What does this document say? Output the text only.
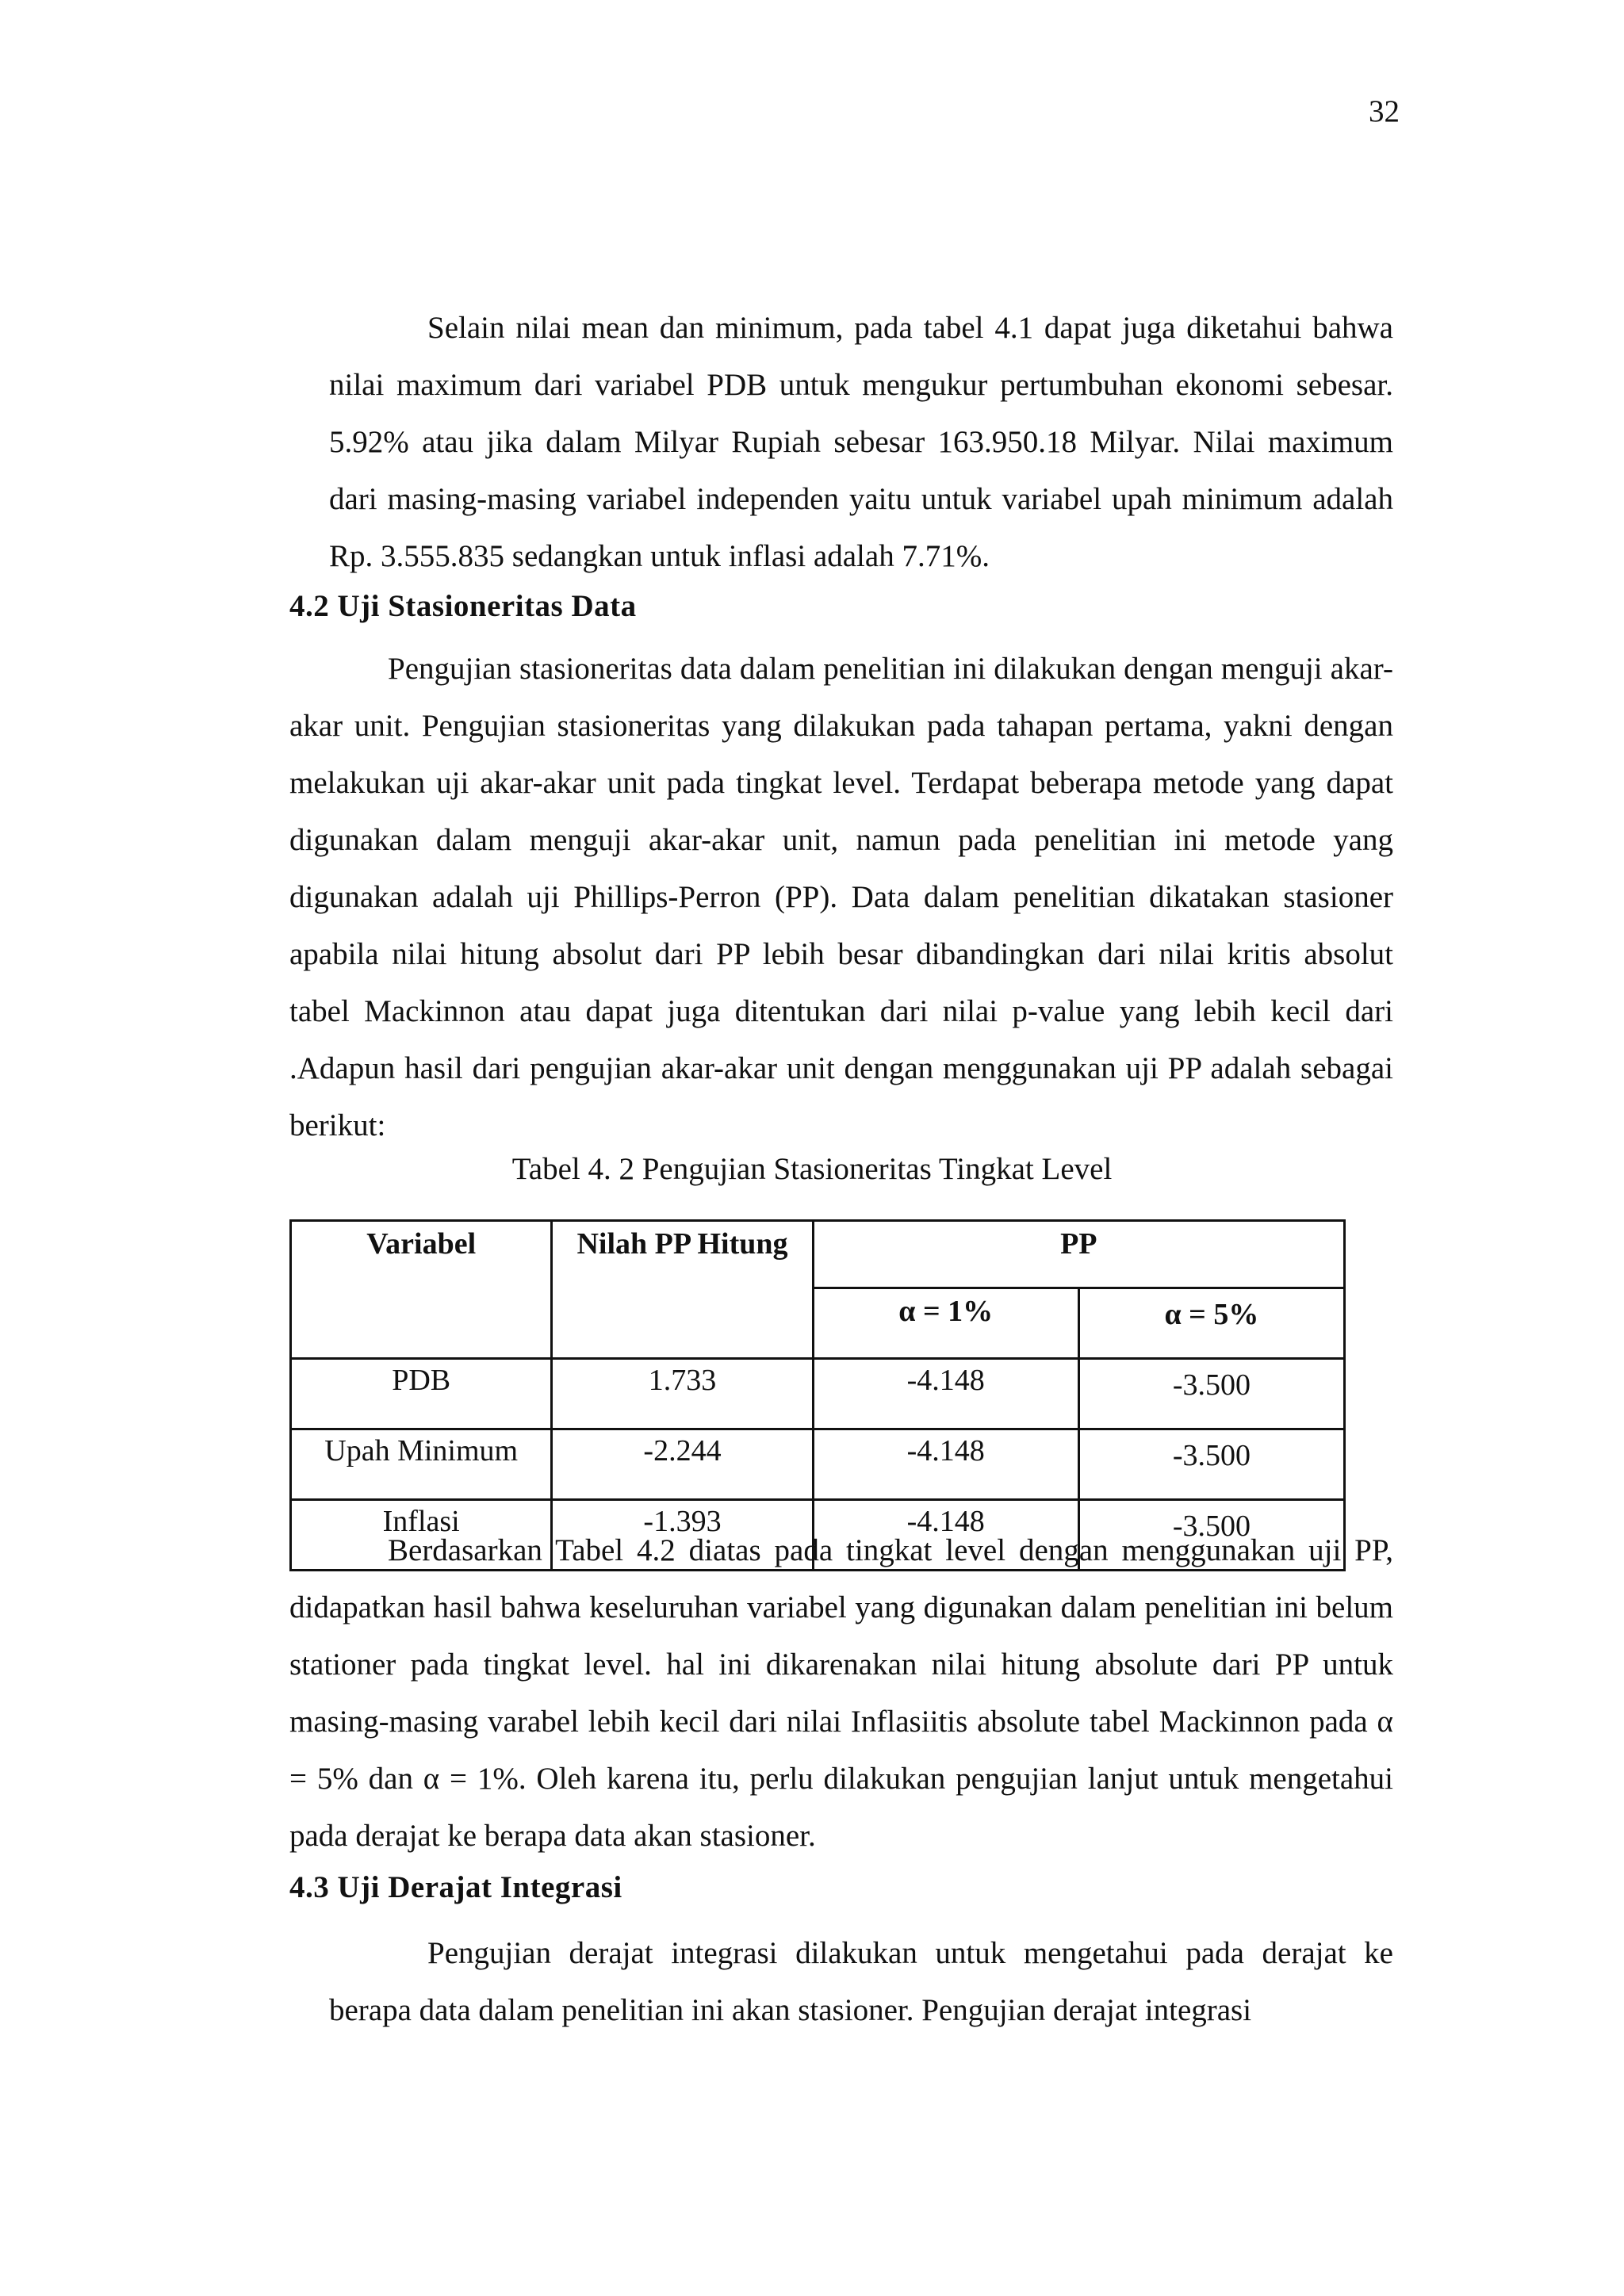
32

Selain nilai mean dan minimum, pada tabel 4.1 dapat juga diketahui bahwa nilai maximum dari variabel PDB untuk mengukur pertumbuhan ekonomi sebesar. 5.92% atau jika dalam Milyar Rupiah sebesar 163.950.18 Milyar. Nilai maximum dari masing-masing variabel independen yaitu untuk variabel upah minimum adalah Rp. 3.555.835 sedangkan untuk inflasi adalah 7.71%.

4.2 Uji Stasioneritas Data

Pengujian stasioneritas data dalam penelitian ini dilakukan dengan menguji akar-akar unit. Pengujian stasioneritas yang dilakukan pada tahapan pertama, yakni dengan melakukan uji akar-akar unit pada tingkat level. Terdapat beberapa metode yang dapat digunakan dalam menguji akar-akar unit, namun pada penelitian ini metode yang digunakan adalah uji Phillips-Perron (PP). Data dalam penelitian dikatakan stasioner apabila nilai hitung absolut dari PP lebih besar dibandingkan dari nilai kritis absolut tabel Mackinnon atau dapat juga ditentukan dari nilai p-value yang lebih kecil dari .Adapun hasil dari pengujian akar-akar unit dengan menggunakan uji PP adalah sebagai berikut:

Tabel 4. 2 Pengujian Stasioneritas Tingkat Level
Variabel	Nilah PP Hitung	PP	
		α = 1%	α = 5%
PDB	1.733	-4.148	-3.500
Upah Minimum	-2.244	-4.148	-3.500
Inflasi	-1.393	-4.148	-3.500

Berdasarkan Tabel 4.2 diatas pada tingkat level dengan menggunakan uji PP, didapatkan hasil bahwa keseluruhan variabel yang digunakan dalam penelitian ini belum stationer pada tingkat level. hal ini dikarenakan nilai hitung absolute dari PP untuk masing-masing varabel lebih kecil dari nilai Inflasiitis absolute tabel Mackinnon pada α = 5% dan α = 1%. Oleh karena itu, perlu dilakukan pengujian lanjut untuk mengetahui pada derajat ke berapa data akan stasioner.

4.3 Uji Derajat Integrasi

Pengujian derajat integrasi dilakukan untuk mengetahui pada derajat ke berapa data dalam penelitian ini akan stasioner. Pengujian derajat integrasi
